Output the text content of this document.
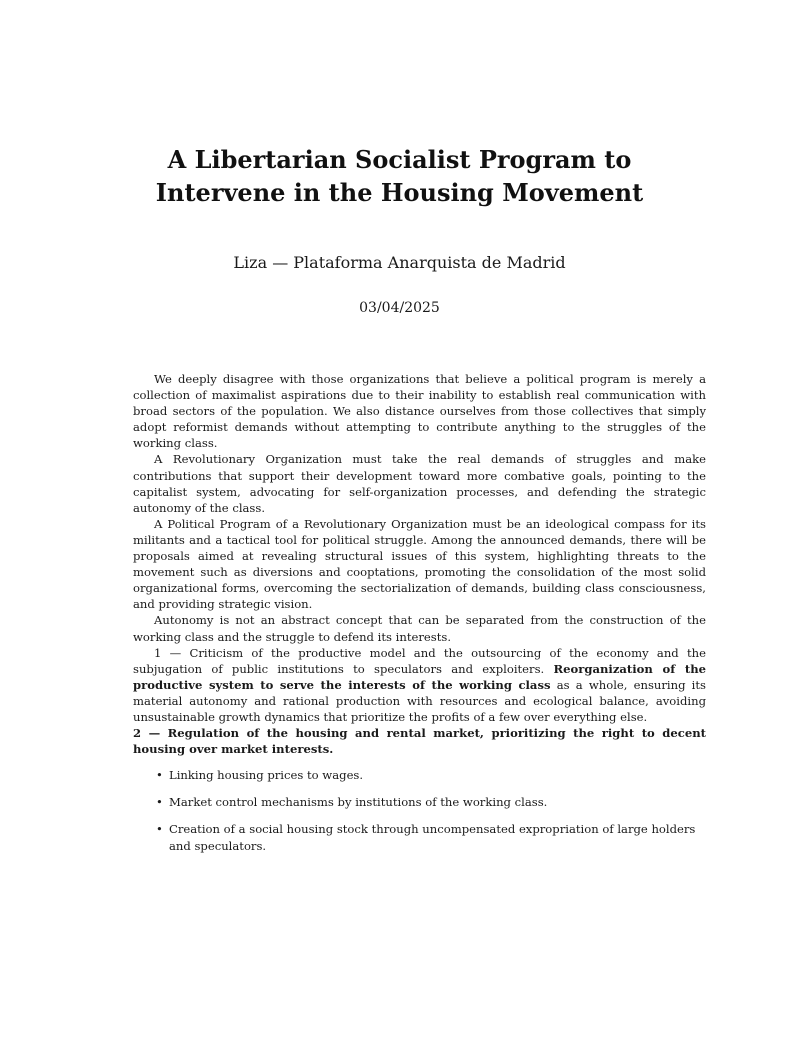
A Libertarian Socialist Program to Intervene in the Housing Movement

Liza — Plataforma Anarquista de Madrid

03/04/2025

We deeply disagree with those organizations that believe a political program is merely a collection of maximalist aspirations due to their inability to establish real communication with broad sectors of the population. We also distance ourselves from those collectives that simply adopt reformist demands without attempting to contribute anything to the struggles of the working class.

A Revolutionary Organization must take the real demands of struggles and make contributions that support their development toward more combative goals, pointing to the capitalist system, advocating for self-organization processes, and defending the strategic autonomy of the class.

A Political Program of a Revolutionary Organization must be an ideological compass for its militants and a tactical tool for political struggle. Among the announced demands, there will be proposals aimed at revealing structural issues of this system, highlighting threats to the movement such as diversions and cooptations, promoting the consolidation of the most solid organizational forms, overcoming the sectorialization of demands, building class consciousness, and providing strategic vision.

Autonomy is not an abstract concept that can be separated from the construction of the working class and the struggle to defend its interests.

1 — Criticism of the productive model and the outsourcing of the economy and the subjugation of public institutions to speculators and exploiters. Reorganization of the productive system to serve the interests of the working class as a whole, ensuring its material autonomy and rational production with resources and ecological balance, avoiding unsustainable growth dynamics that prioritize the profits of a few over everything else.

2 — Regulation of the housing and rental market, prioritizing the right to decent housing over market interests.

• Linking housing prices to wages.
• Market control mechanisms by institutions of the working class.
• Creation of a social housing stock through uncompensated expropriation of large holders and speculators.
